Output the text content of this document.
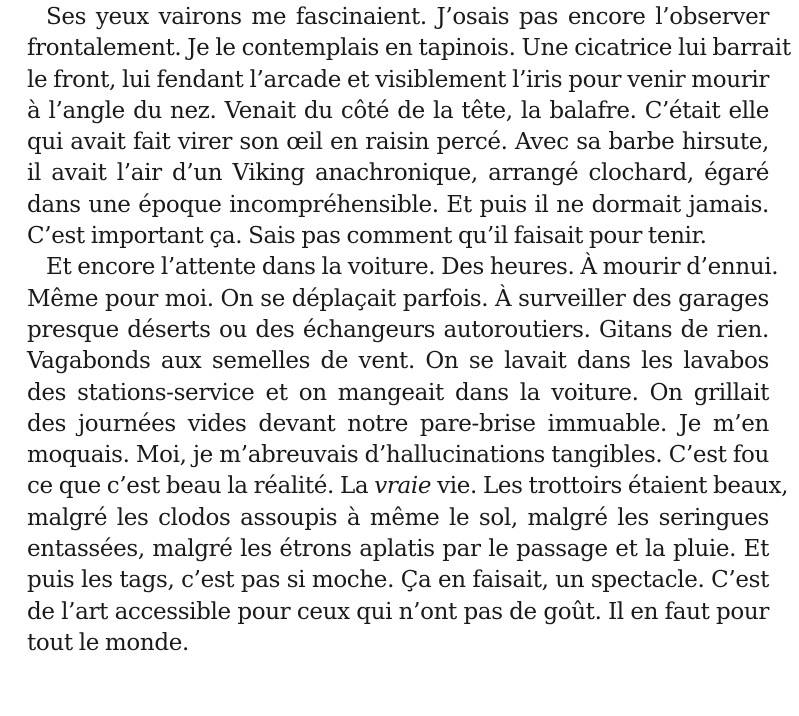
Ses yeux vairons me fascinaient. J’osais pas encore l’observer
frontalement. Je le contemplais en tapinois. Une cicatrice lui barrait
le front, lui fendant l’arcade et visiblement l’iris pour venir mourir
à l’angle du nez. Venait du côté de la tête, la balafre. C’était elle
qui avait fait virer son œil en raisin percé. Avec sa barbe hirsute,
il avait l’air d’un Viking anachronique, arrangé clochard, égaré
dans une époque incompréhensible. Et puis il ne dormait jamais.
C’est important ça. Sais pas comment qu’il faisait pour tenir.

Et encore l’attente dans la voiture. Des heures. À mourir d’ennui.
Même pour moi. On se déplaçait parfois. À surveiller des garages
presque déserts ou des échangeurs autoroutiers. Gitans de rien.
Vagabonds aux semelles de vent. On se lavait dans les lavabos
des stations-service et on mangeait dans la voiture. On grillait
des journées vides devant notre pare-brise immuable. Je m’en
moquais. Moi, je m’abreuvais d’hallucinations tangibles. C’est fou
ce que c’est beau la réalité. La vraie vie. Les trottoirs étaient beaux,
malgré les clodos assoupis à même le sol, malgré les seringues
entassées, malgré les étrons aplatis par le passage et la pluie. Et
puis les tags, c’est pas si moche. Ça en faisait, un spectacle. C’est
de l’art accessible pour ceux qui n’ont pas de goût. Il en faut pour
tout le monde.
